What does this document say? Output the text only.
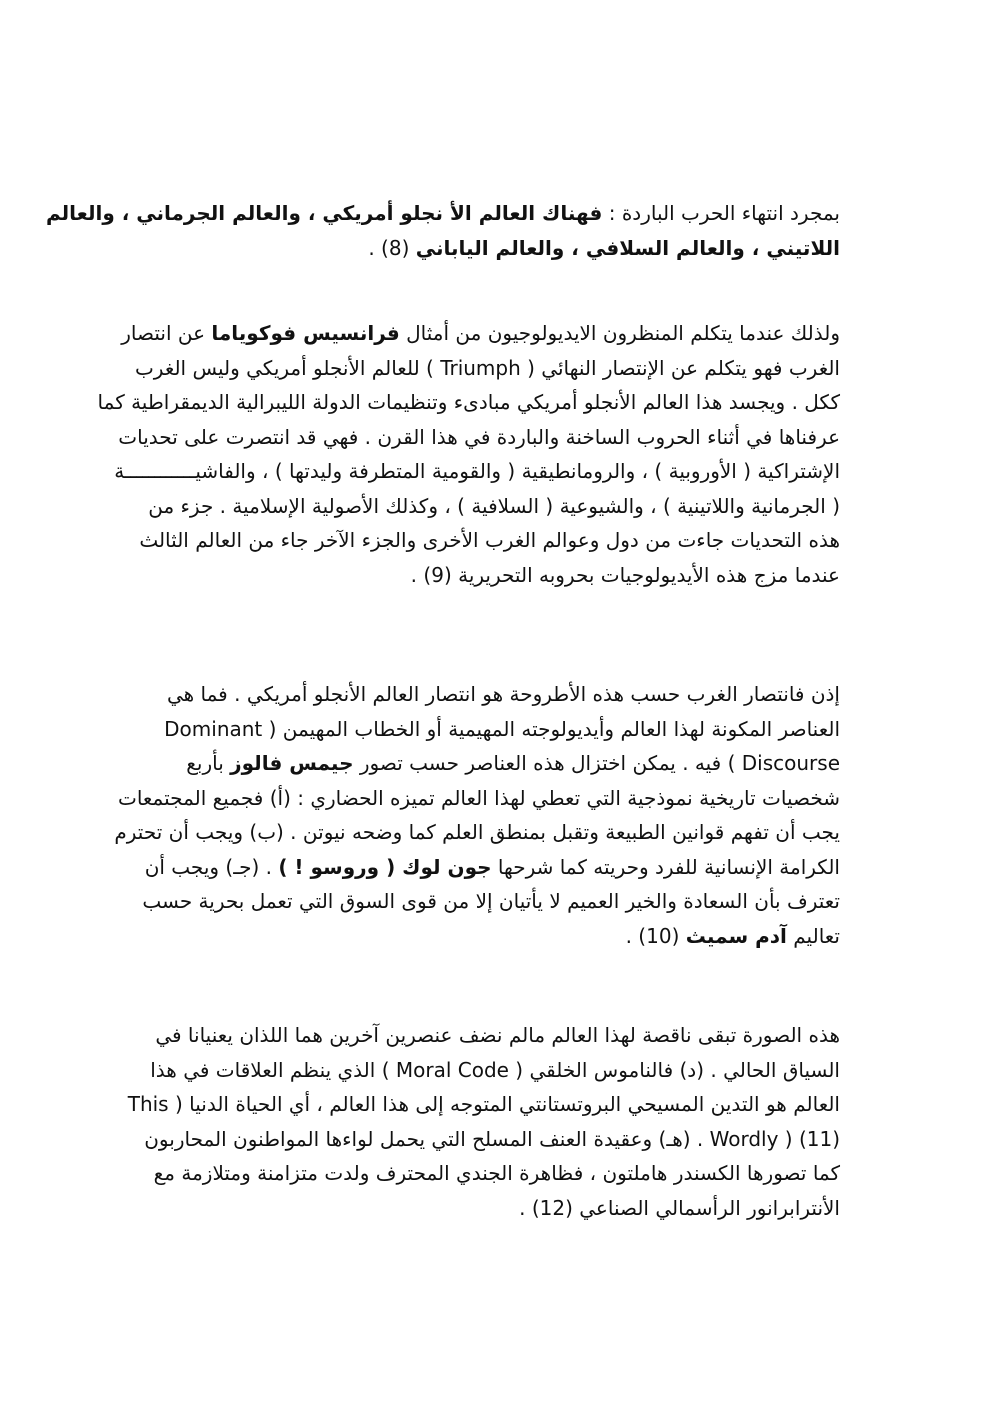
بمجرد انتهاء الحرب الباردة : فهناك العالم الأ نجلو أمريكي ، والعالم الجرماني ، والعالم
اللاتيني ، والعالم السلافي ، والعالم الياباني (8) .
ولذلك عندما يتكلم المنظرون الايديولوجيون من أمثال فرانسيس فوكوياما عن انتصار
الغرب فهو يتكلم عن الإنتصار النهائي ( Triumph ) للعالم الأنجلو أمريكي وليس الغرب
ككل . ويجسد هذا العالم الأنجلو أمريكي مبادىء وتنظيمات الدولة الليبرالية الديمقراطية كما
عرفناها في أثناء الحروب الساخنة والباردة في هذا القرن . فهي قد انتصرت على تحديات
الإشتراكية ( الأوروبية ) ، والرومانطيقية ( والقومية المتطرفة وليدتها ) ، والفاشيــــــــــــة
( الجرمانية واللاتينية ) ، والشيوعية ( السلافية ) ، وكذلك الأصولية الإسلامية . جزء من
هذه التحديات جاءت من دول وعوالم الغرب الأخرى والجزء الآخر جاء من العالم الثالث
عندما مزج هذه الأيديولوجيات بحروبه التحريرية (9) .
إذن فانتصار الغرب حسب هذه الأطروحة هو انتصار العالم الأنجلو أمريكي . فما هي
العناصر المكونة لهذا العالم وأيديولوجته المهيمية أو الخطاب المهيمن ( Dominant
Discourse ) فيه . يمكن اختزال هذه العناصر حسب تصور جيمس فالوز بأربع
شخصيات تاريخية نموذجية التي تعطي لهذا العالم تميزه الحضاري : (أ) فجميع المجتمعات
يجب أن تفهم قوانين الطبيعة وتقبل بمنطق العلم كما وضحه نيوتن . (ب) ويجب أن تحترم
الكرامة الإنسانية للفرد وحريته كما شرحها جون لوك ( وروسو ! ) . (جـ) ويجب أن
تعترف بأن السعادة والخير العميم لا يأتيان إلا من قوى السوق التي تعمل بحرية حسب
تعاليم آدم سميث (10) .
هذه الصورة تبقى ناقصة لهذا العالم مالم نضف عنصرين آخرين هما اللذان يعنيانا في
السياق الحالي . (د) فالناموس الخلقي ( Moral Code ) الذي ينظم العلاقات في هذا
العالم هو التدين المسيحي البروتستانتي المتوجه إلى هذا العالم ، أي الحياة الدنيا ( This
Wordly ) (11) . (هـ) وعقيدة العنف المسلح التي يحمل لواءها المواطنون المحاربون
كما تصورها الكسندر هاملتون ، فظاهرة الجندي المحترف ولدت متزامنة ومتلازمة مع
الأنترابرانور الرأسمالي الصناعي (12) .
